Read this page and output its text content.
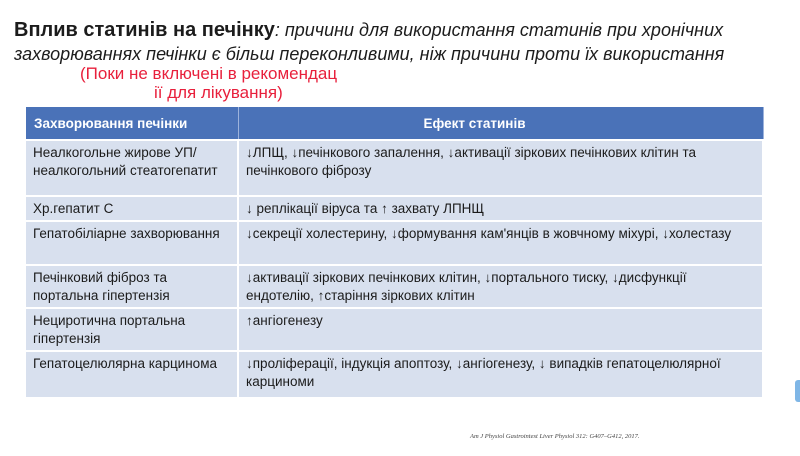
Вплив статинів на печінку: причини для використання статинів при хронічних захворюваннях печінки є більш переконливими, ніж причини проти їх використання
(Поки не включені в рекомендац
ії для лікування)
Захворювання печінки	Ефект статинів
Неалкогольне жирове УП/неалкогольний стеатогепатит	↓ЛПЩ, ↓печінкового запалення, ↓активації зіркових печінкових клітин та печінкового фіброзу
Хр.гепатит С	↓ реплікації віруса та ↑ захвату ЛПНЩ
Гепатобіліарне захворювання	↓секреції холестерину, ↓формування кам'янців в жовчному міхурі, ↓холестазу
Печінковий фіброз та портальна гіпертензія	↓активації зіркових печінкових клітин, ↓портального тиску, ↓дисфункції ендотелію, ↑старіння зіркових клітин
Нециротична портальна гіпертензія	↑ангіогенезу
Гепатоцелюлярна карцинома	↓проліферації, індукція апоптозу, ↓ангіогенезу, ↓ випадків гепатоцелюлярної карциноми
Am J Physiol Gastrointest Liver Physiol 312: G407–G412, 2017.
